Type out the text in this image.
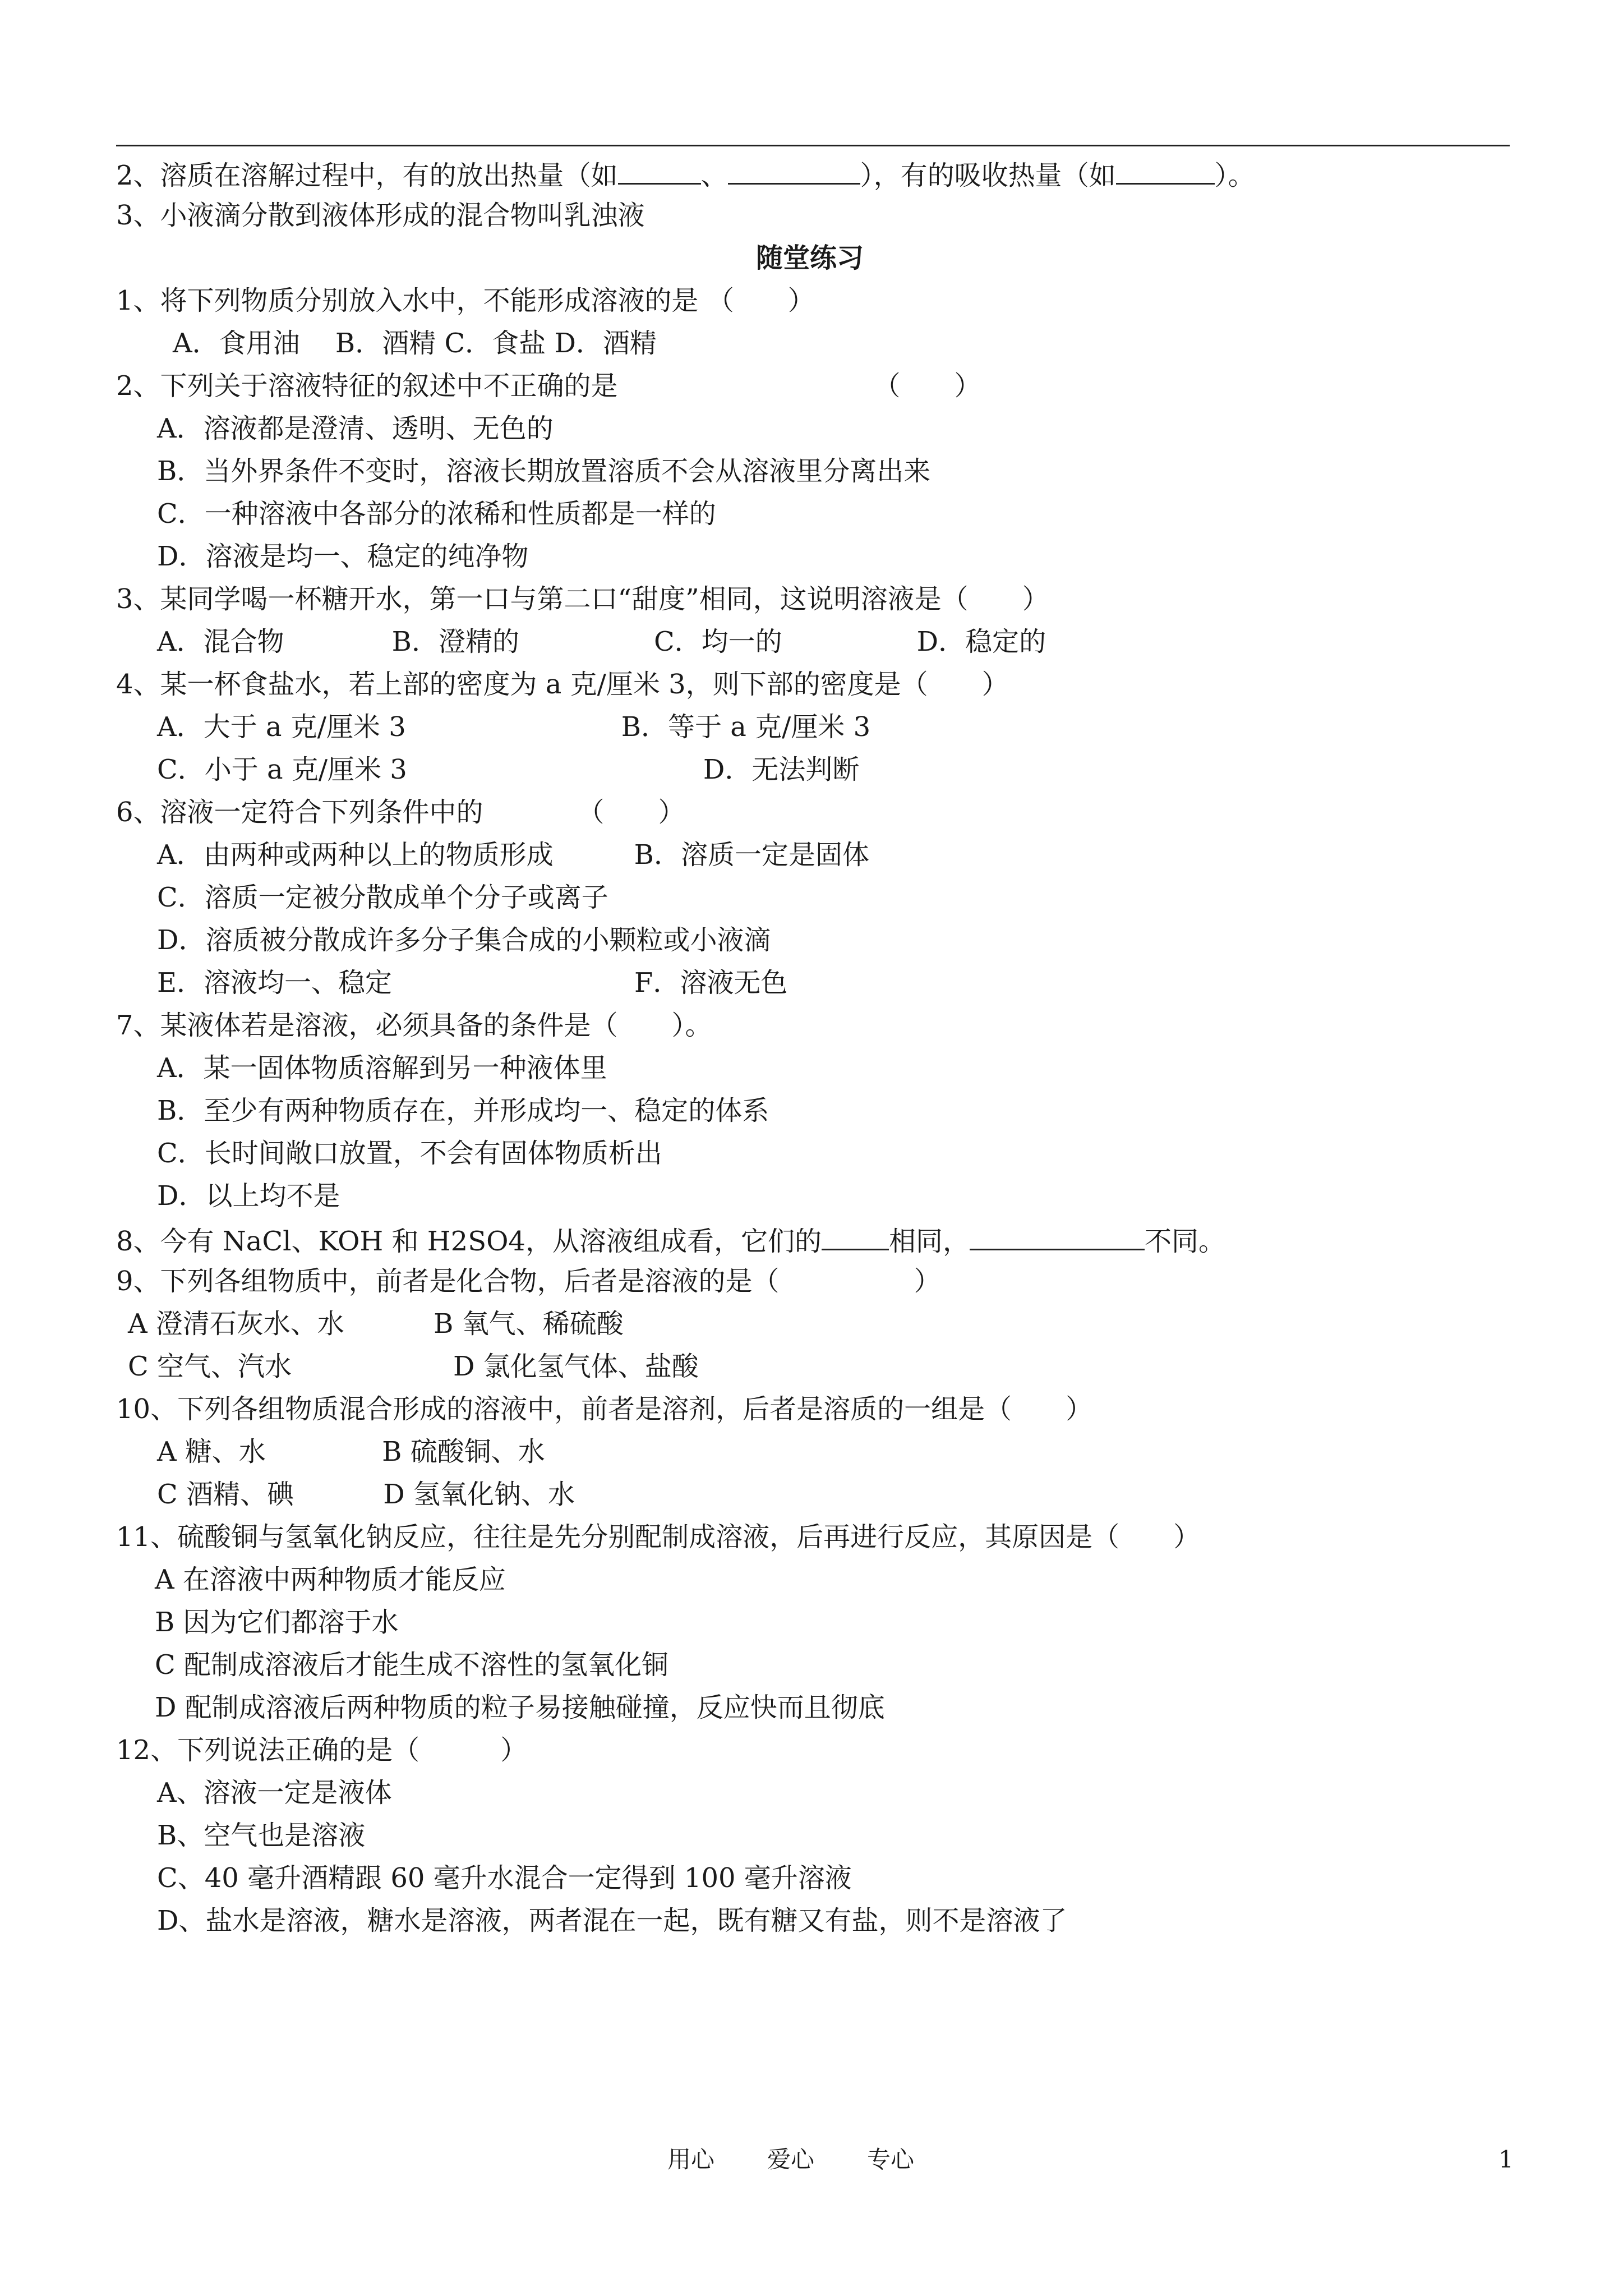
2、溶质在溶解过程中，有的放出热量（如	、	），有的吸收热量（如	）。
3、小液滴分散到液体形成的混合物叫乳浊液
随堂练习
1、将下列物质分别放入水中，不能形成溶液的是 （　　）
A．食用油　 B．酒精 C．食盐 D．酒精
2、下列关于溶液特征的叙述中不正确的是　　　　　　　　　　（　　）
A．溶液都是澄清、透明、无色的
B．当外界条件不变时，溶液长期放置溶质不会从溶液里分离出来
C．一种溶液中各部分的浓稀和性质都是一样的
D．溶液是均一、稳定的纯净物
3、某同学喝一杯糖开水，第一口与第二口“甜度”相同，这说明溶液是（　　）
A．混合物　　　　B．澄精的　　　　　C．均一的　　　　　D．稳定的
4、某一杯食盐水，若上部的密度为 a 克/厘米 3，则下部的密度是（　　）
A．大于 a 克/厘米 3　　　　　　　　B．等于 a 克/厘米 3
C．小于 a 克/厘米 3　　　　　　　　　　　D．无法判断
6、溶液一定符合下列条件中的　　　　（　　）
A．由两种或两种以上的物质形成　　　B．溶质一定是固体
C．溶质一定被分散成单个分子或离子
D．溶质被分散成许多分子集合成的小颗粒或小液滴
E．溶液均一、稳定　　　　　　　　　F．溶液无色
7、某液体若是溶液，必须具备的条件是（　　）。
A．某一固体物质溶解到另一种液体里
B．至少有两种物质存在，并形成均一、稳定的体系
C．长时间敞口放置，不会有固体物质析出
D．以上均不是
8、今有 NaCl、KOH 和 H2SO4，从溶液组成看，它们的	相同，	不同。
9、下列各组物质中，前者是化合物，后者是溶液的是（　　　　　）
A 澄清石灰水、水　　　 B 氧气、稀硫酸
C 空气、汽水　　　　　　D 氯化氢气体、盐酸
10、下列各组物质混合形成的溶液中，前者是溶剂，后者是溶质的一组是（　　）
A 糖、水　　　　 B 硫酸铜、水
C 酒精、碘　　　 D 氢氧化钠、水
11、硫酸铜与氢氧化钠反应，往往是先分别配制成溶液，后再进行反应，其原因是（　　）
A 在溶液中两种物质才能反应
B 因为它们都溶于水
C 配制成溶液后才能生成不溶性的氢氧化铜
D 配制成溶液后两种物质的粒子易接触碰撞，反应快而且彻底
12、下列说法正确的是（　　　）
A、溶液一定是液体
B、空气也是溶液
C、40 毫升酒精跟 60 毫升水混合一定得到 100 毫升溶液
D、盐水是溶液，糖水是溶液，两者混在一起，既有糖又有盐，则不是溶液了
用心 爱心 专心	1
